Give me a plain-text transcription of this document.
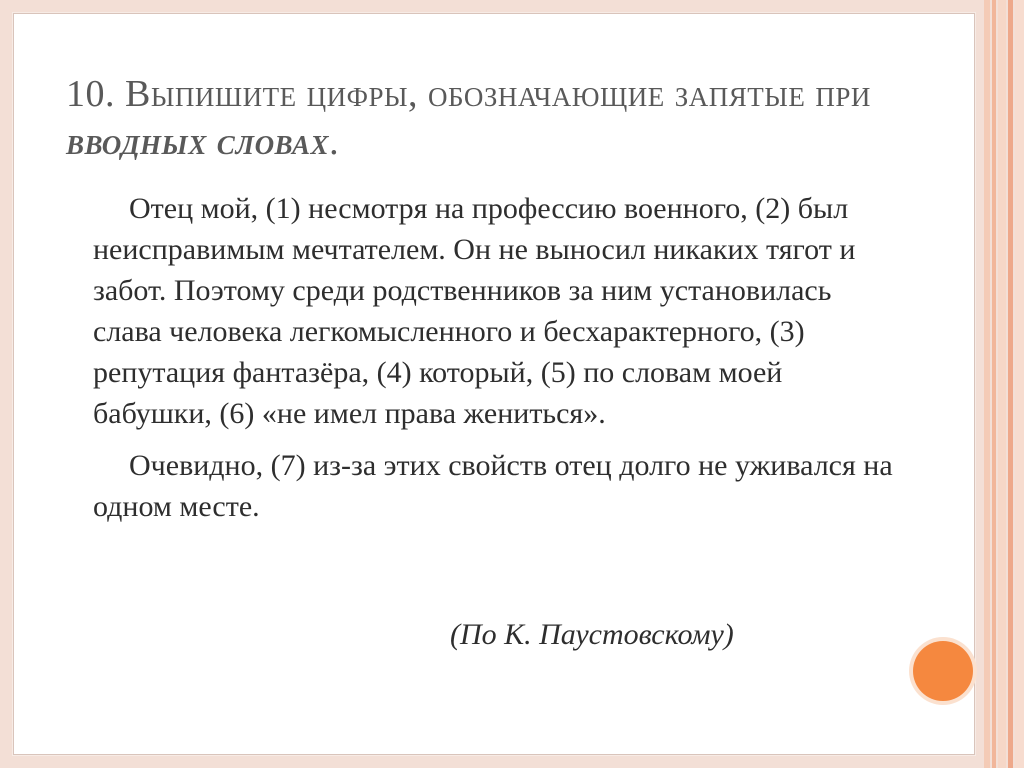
10. Выпишите цифры, обозначающие запятые при вводных словах.

Отец мой, (1) несмотря на профессию военного, (2) был неисправимым мечтателем. Он не выносил никаких тягот и забот. Поэтому среди родственников за ним установилась слава человека легкомысленного и бесхарактерного, (3) репутация фантазёра, (4) который, (5) по словам моей бабушки, (6) «не имел права жениться».

Очевидно, (7) из-за этих свойств отец долго не уживался на одном месте.

(По К. Паустовскому)
